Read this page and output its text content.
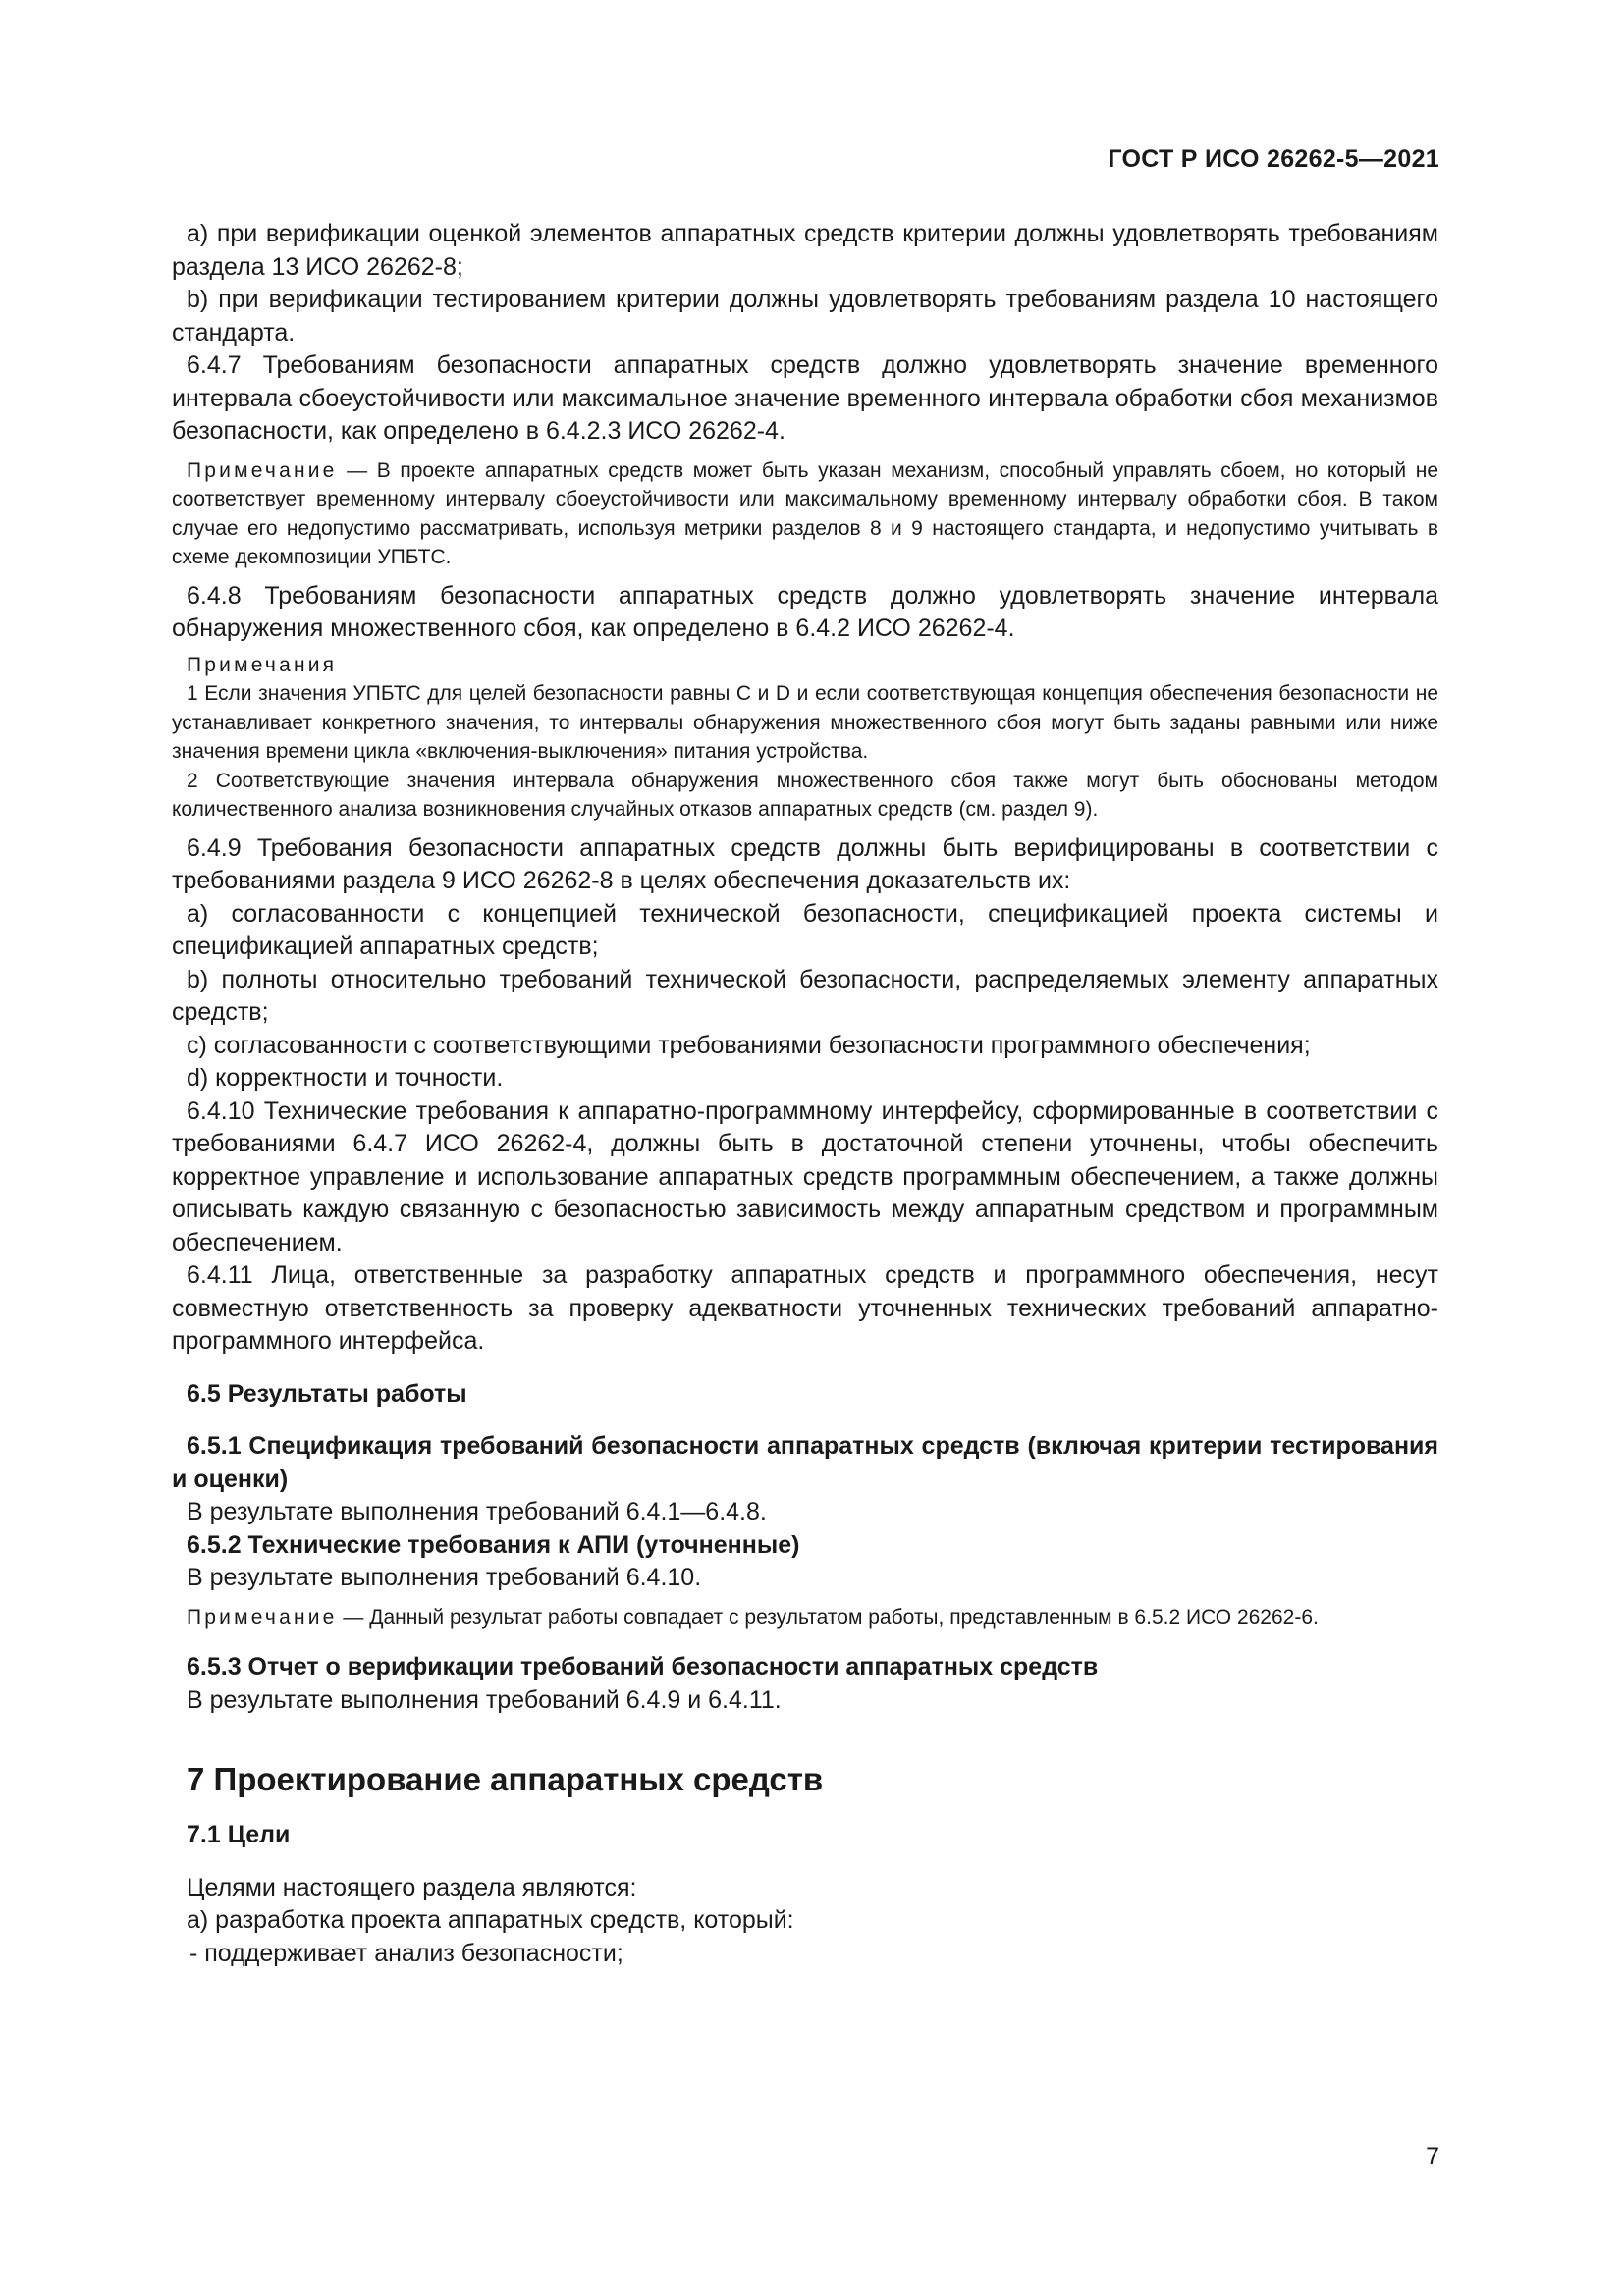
ГОСТ Р ИСО 26262-5—2021

а) при верификации оценкой элементов аппаратных средств критерии должны удовлетворять требованиям раздела 13 ИСО 26262-8;

b) при верификации тестированием критерии должны удовлетворять требованиям раздела 10 настоящего стандарта.

6.4.7 Требованиям безопасности аппаратных средств должно удовлетворять значение временного интервала сбоеустойчивости или максимальное значение временного интервала обработки сбоя механизмов безопасности, как определено в 6.4.2.3 ИСО 26262-4.

Примечание — В проекте аппаратных средств может быть указан механизм, способный управлять сбоем, но который не соответствует временному интервалу сбоеустойчивости или максимальному временному интервалу обработки сбоя. В таком случае его недопустимо рассматривать, используя метрики разделов 8 и 9 настоящего стандарта, и недопустимо учитывать в схеме декомпозиции УПБТС.

6.4.8 Требованиям безопасности аппаратных средств должно удовлетворять значение интервала обнаружения множественного сбоя, как определено в 6.4.2 ИСО 26262-4.

Примечания

1 Если значения УПБТС для целей безопасности равны С и D и если соответствующая концепция обеспечения безопасности не устанавливает конкретного значения, то интервалы обнаружения множественного сбоя могут быть заданы равными или ниже значения времени цикла «включения-выключения» питания устройства.

2 Соответствующие значения интервала обнаружения множественного сбоя также могут быть обоснованы методом количественного анализа возникновения случайных отказов аппаратных средств (см. раздел 9).

6.4.9 Требования безопасности аппаратных средств должны быть верифицированы в соответствии с требованиями раздела 9 ИСО 26262-8 в целях обеспечения доказательств их:

а) согласованности с концепцией технической безопасности, спецификацией проекта системы и спецификацией аппаратных средств;

b) полноты относительно требований технической безопасности, распределяемых элементу аппаратных средств;

с) согласованности с соответствующими требованиями безопасности программного обеспечения;

d) корректности и точности.

6.4.10 Технические требования к аппаратно-программному интерфейсу, сформированные в соответствии с требованиями 6.4.7 ИСО 26262-4, должны быть в достаточной степени уточнены, чтобы обеспечить корректное управление и использование аппаратных средств программным обеспечением, а также должны описывать каждую связанную с безопасностью зависимость между аппаратным средством и программным обеспечением.

6.4.11 Лица, ответственные за разработку аппаратных средств и программного обеспечения, несут совместную ответственность за проверку адекватности уточненных технических требований аппаратно-программного интерфейса.

6.5 Результаты работы

6.5.1 Спецификация требований безопасности аппаратных средств (включая критерии тестирования и оценки)

В результате выполнения требований 6.4.1—6.4.8.

6.5.2 Технические требования к АПИ (уточненные)

В результате выполнения требований 6.4.10.

Примечание — Данный результат работы совпадает с результатом работы, представленным в 6.5.2 ИСО 26262-6.

6.5.3 Отчет о верификации требований безопасности аппаратных средств

В результате выполнения требований 6.4.9 и 6.4.11.

7 Проектирование аппаратных средств

7.1 Цели

Целями настоящего раздела являются:

а) разработка проекта аппаратных средств, который:

- поддерживает анализ безопасности;

7
